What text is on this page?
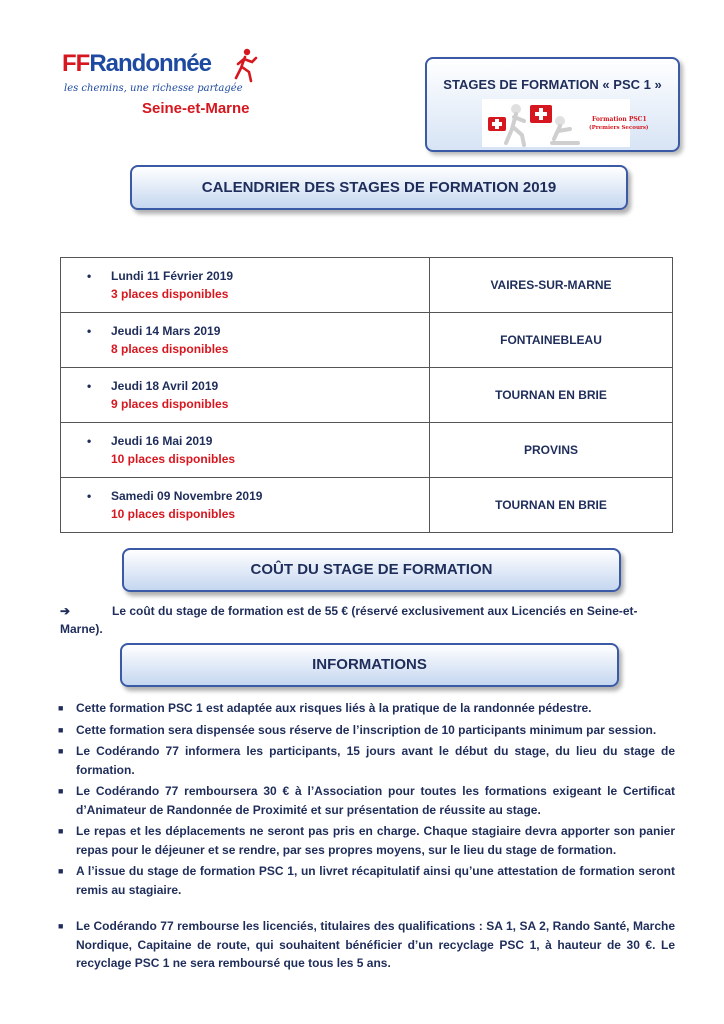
FFRandonnée
les chemins, une richesse partagée
Seine-et-Marne
STAGES DE FORMATION « PSC 1 »
Formation PSC1
(Premiers Secours)
CALENDRIER DES STAGES DE FORMATION 2019
• Lundi 11 Février 2019
3 places disponibles	VAIRES-SUR-MARNE

• Jeudi 14 Mars 2019
8 places disponibles	FONTAINEBLEAU

• Jeudi 18 Avril 2019
9 places disponibles	TOURNAN EN BRIE

• Jeudi 16 Mai 2019
10 places disponibles	PROVINS

• Samedi 09 Novembre 2019
10 places disponibles	TOURNAN EN BRIE
COÛT DU STAGE DE FORMATION
➔	Le coût du stage de formation est de 55 € (réservé exclusivement aux Licenciés en Seine-et-Marne).
INFORMATIONS
■ Cette formation PSC 1 est adaptée aux risques liés à la pratique de la randonnée pédestre.
■ Cette formation sera dispensée sous réserve de l’inscription de 10 participants minimum par session.
■ Le Codérando 77 informera les participants, 15 jours avant le début du stage, du lieu du stage de formation.
■ Le Codérando 77 remboursera 30 € à l’Association pour toutes les formations exigeant le Certificat d’Animateur de Randonnée de Proximité et sur présentation de réussite au stage.
■ Le repas et les déplacements ne seront pas pris en charge. Chaque stagiaire devra apporter son panier repas pour le déjeuner et se rendre, par ses propres moyens, sur le lieu du stage de formation.
■ A l’issue du stage de formation PSC 1, un livret récapitulatif ainsi qu’une attestation de formation seront remis au stagiaire.
■ Le Codérando 77 rembourse les licenciés, titulaires des qualifications : SA 1, SA 2, Rando Santé, Marche Nordique, Capitaine de route, qui souhaitent bénéficier d’un recyclage PSC 1, à hauteur de 30 €. Le recyclage PSC 1 ne sera remboursé que tous les 5 ans.
